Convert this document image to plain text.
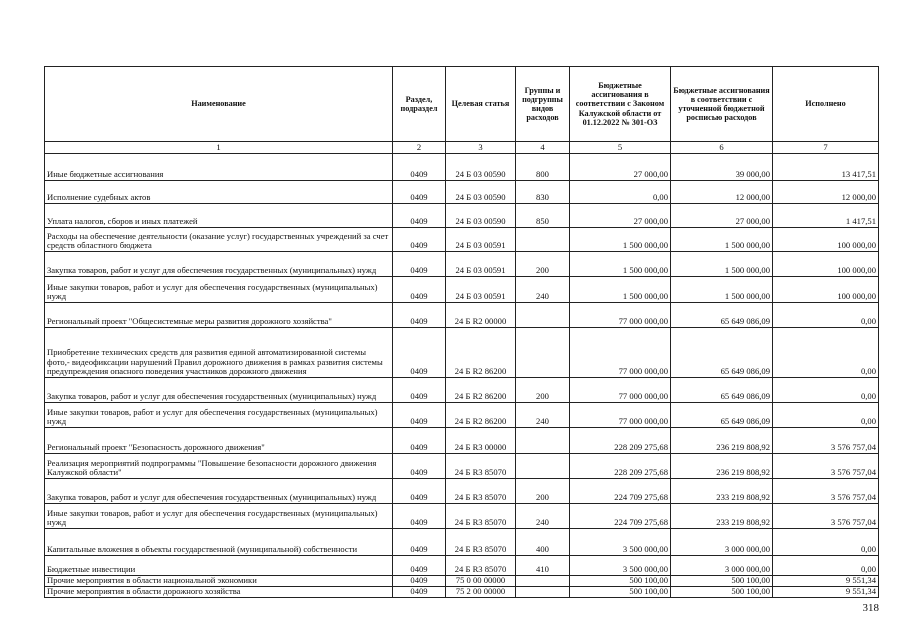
Наименование	Раздел, подраздел	Целевая статья	Группы и подгруппы видов расходов	Бюджетные ассигнования в соответствии с Законом Калужской области от 01.12.2022 № 301-ОЗ	Бюджетные ассигнования в соответствии с уточненной бюджетной росписью расходов	Исполнено
1	2	3	4	5	6	7
Иные бюджетные ассигнования	0409	24 Б 03 00590	800	27 000,00	39 000,00	13 417,51
Исполнение судебных актов	0409	24 Б 03 00590	830	0,00	12 000,00	12 000,00
Уплата налогов, сборов и иных платежей	0409	24 Б 03 00590	850	27 000,00	27 000,00	1 417,51
Расходы на обеспечение деятельности (оказание услуг) государственных учреждений за счет средств областного бюджета	0409	24 Б 03 00591		1 500 000,00	1 500 000,00	100 000,00
Закупка товаров, работ и услуг для обеспечения государственных (муниципальных) нужд	0409	24 Б 03 00591	200	1 500 000,00	1 500 000,00	100 000,00
Иные закупки товаров, работ и услуг для обеспечения государственных (муниципальных) нужд	0409	24 Б 03 00591	240	1 500 000,00	1 500 000,00	100 000,00
Региональный проект "Общесистемные меры развития дорожного хозяйства"	0409	24 Б R2 00000		77 000 000,00	65 649 086,09	0,00
Приобретение технических средств для развития единой автоматизированной системы фото,- видеофиксации нарушений Правил дорожного движения в рамках развития системы предупреждения опасного поведения участников дорожного движения	0409	24 Б R2 86200		77 000 000,00	65 649 086,09	0,00
Закупка товаров, работ и услуг для обеспечения государственных (муниципальных) нужд	0409	24 Б R2 86200	200	77 000 000,00	65 649 086,09	0,00
Иные закупки товаров, работ и услуг для обеспечения государственных (муниципальных) нужд	0409	24 Б R2 86200	240	77 000 000,00	65 649 086,09	0,00
Региональный проект "Безопасность дорожного движения"	0409	24 Б R3 00000		228 209 275,68	236 219 808,92	3 576 757,04
Реализация мероприятий подпрограммы "Повышение безопасности дорожного движения Калужской области"	0409	24 Б R3 85070		228 209 275,68	236 219 808,92	3 576 757,04
Закупка товаров, работ и услуг для обеспечения государственных (муниципальных) нужд	0409	24 Б R3 85070	200	224 709 275,68	233 219 808,92	3 576 757,04
Иные закупки товаров, работ и услуг для обеспечения государственных (муниципальных) нужд	0409	24 Б R3 85070	240	224 709 275,68	233 219 808,92	3 576 757,04
Капитальные вложения в объекты государственной (муниципальной) собственности	0409	24 Б R3 85070	400	3 500 000,00	3 000 000,00	0,00
Бюджетные инвестиции	0409	24 Б R3 85070	410	3 500 000,00	3 000 000,00	0,00
Прочие мероприятия в области национальной экономики	0409	75 0 00 00000		500 100,00	500 100,00	9 551,34
Прочие мероприятия в области дорожного хозяйства	0409	75 2 00 00000		500 100,00	500 100,00	9 551,34
318
